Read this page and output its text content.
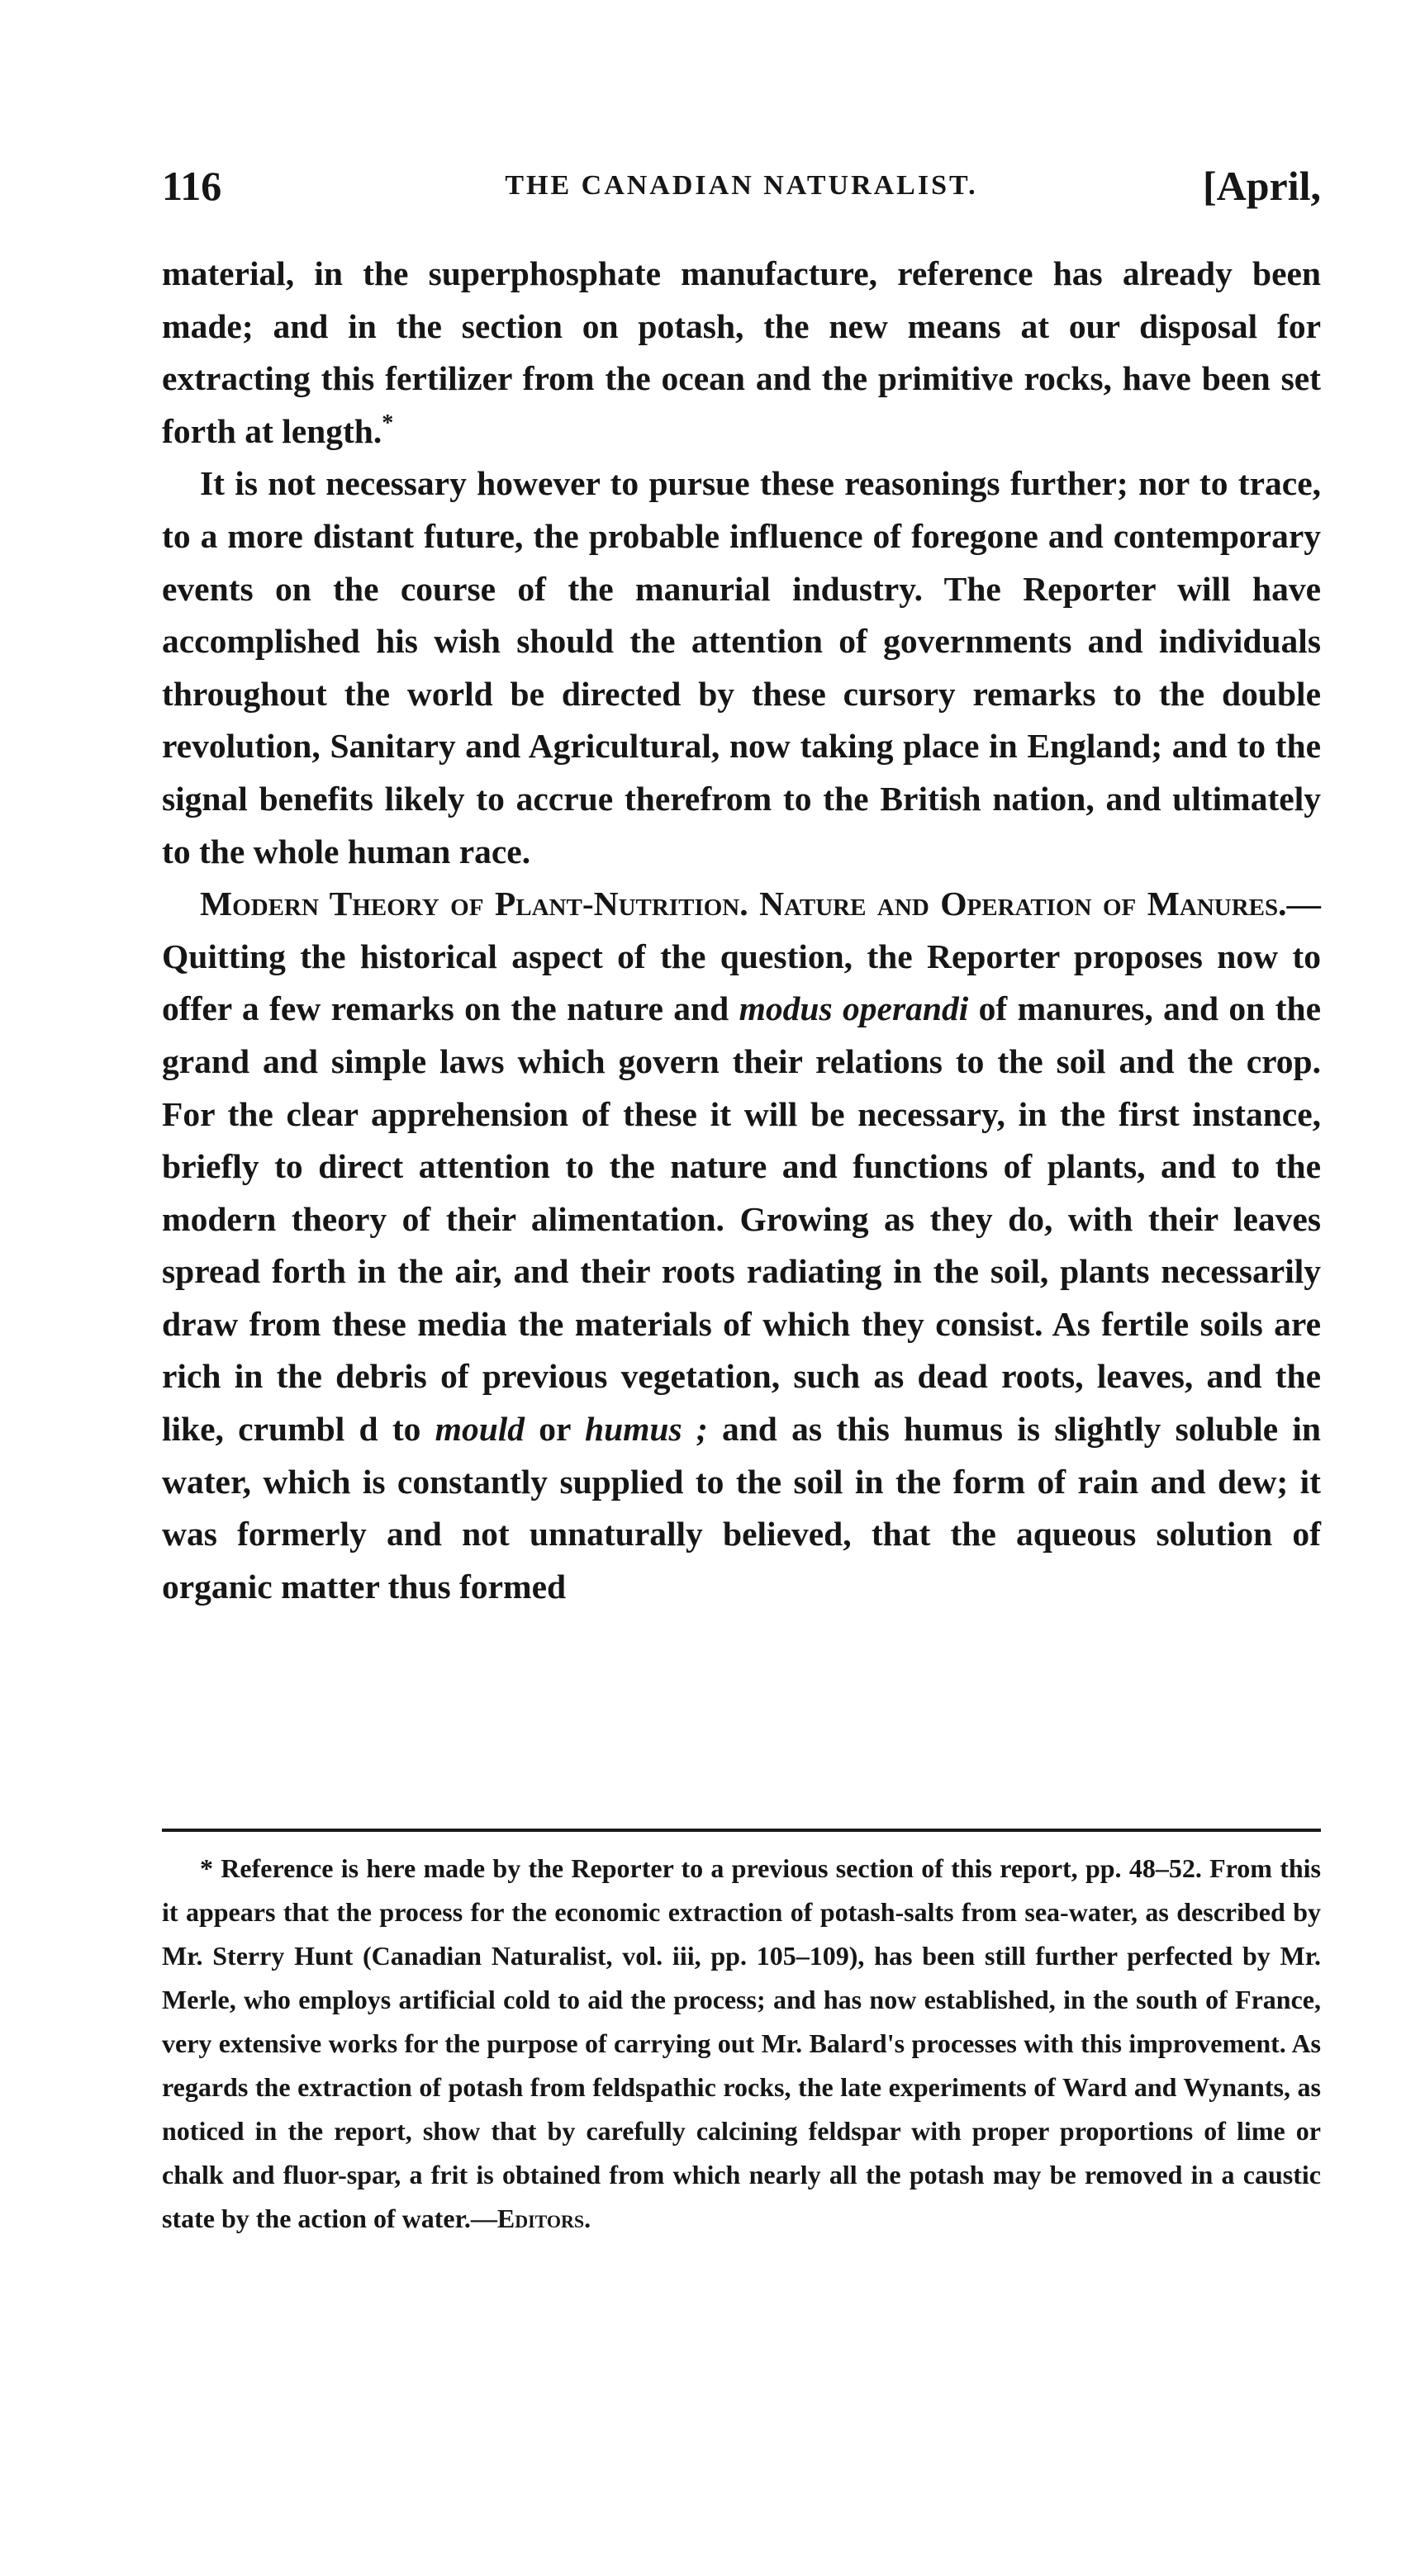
116	THE CANADIAN NATURALIST.	[April,

material, in the superphosphate manufacture, reference has already been made; and in the section on potash, the new means at our disposal for extracting this fertilizer from the ocean and the primitive rocks, have been set forth at length.*

It is not necessary however to pursue these reasonings further; nor to trace, to a more distant future, the probable influence of foregone and contemporary events on the course of the manurial industry. The Reporter will have accomplished his wish should the attention of governments and individuals throughout the world be directed by these cursory remarks to the double revolution, Sanitary and Agricultural, now taking place in England; and to the signal benefits likely to accrue therefrom to the British nation, and ultimately to the whole human race.

Modern Theory of Plant-Nutrition. Nature and Operation of Manures.—Quitting the historical aspect of the question, the Reporter proposes now to offer a few remarks on the nature and modus operandi of manures, and on the grand and simple laws which govern their relations to the soil and the crop. For the clear apprehension of these it will be necessary, in the first instance, briefly to direct attention to the nature and functions of plants, and to the modern theory of their alimentation. Growing as they do, with their leaves spread forth in the air, and their roots radiating in the soil, plants necessarily draw from these media the materials of which they consist. As fertile soils are rich in the debris of previous vegetation, such as dead roots, leaves, and the like, crumbl d to mould or humus ; and as this humus is slightly soluble in water, which is constantly supplied to the soil in the form of rain and dew; it was formerly and not unnaturally believed, that the aqueous solution of organic matter thus formed

* Reference is here made by the Reporter to a previous section of this report, pp. 48–52. From this it appears that the process for the economic extraction of potash-salts from sea-water, as described by Mr. Sterry Hunt (Canadian Naturalist, vol. iii, pp. 105–109), has been still further perfected by Mr. Merle, who employs artificial cold to aid the process; and has now established, in the south of France, very extensive works for the purpose of carrying out Mr. Balard's processes with this improvement. As regards the extraction of potash from feldspathic rocks, the late experiments of Ward and Wynants, as noticed in the report, show that by carefully calcining feldspar with proper proportions of lime or chalk and fluor-spar, a frit is obtained from which nearly all the potash may be removed in a caustic state by the action of water.—Editors.
